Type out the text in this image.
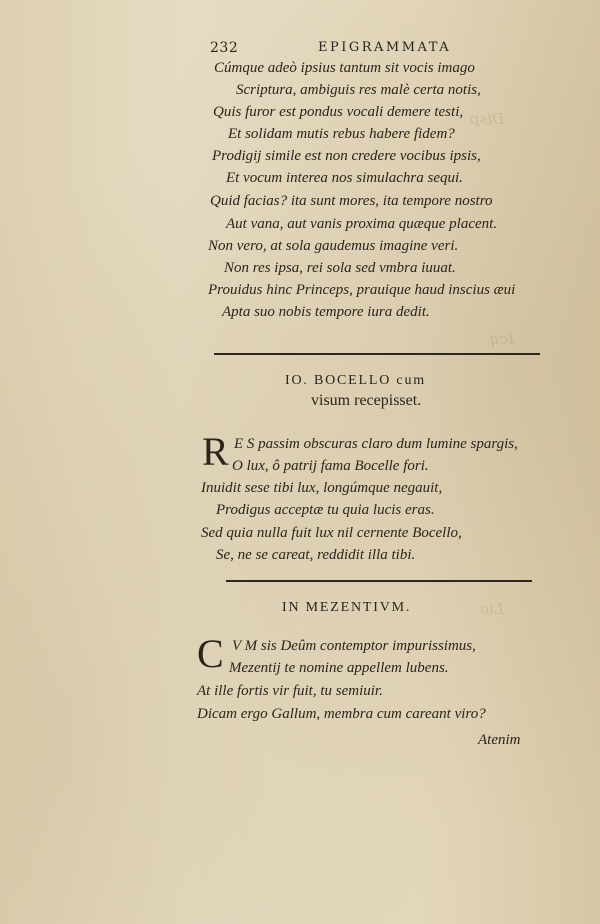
Disp
Icq
Lio
232	EPIGRAMMATA
Cúmque adeò ipsius tantum sit vocis imago
Scriptura, ambiguis res malè certa notis,
Quis furor est pondus vocali demere testi,
Et solidam mutis rebus habere fidem?
Prodigij simile est non credere vocibus ipsis,
Et vocum interea nos simulachra sequi.
Quid facias? ita sunt mores, ita tempore nostro
Aut vana, aut vanis proxima quæque placent.
Non vero, at sola gaudemus imagine veri.
Non res ipsa, rei sola sed vmbra iuuat.
Prouidus hinc Princeps, prauique haud inscius æui
Apta suo nobis tempore iura dedit.
IO. BOCELLO cum
visum recepisset.
R E S passim obscuras claro dum lumine spargis,
O lux, ô patrij fama Bocelle fori.
Inuidit sese tibi lux, longúmque negauit,
Prodigus acceptæ tu quia lucis eras.
Sed quia nulla fuit lux nil cernente Bocello,
Se, ne se careat, reddidit illa tibi.
IN MEZENTIVM.
C V M sis Deûm contemptor impurissimus,
Mezentij te nomine appellem lubens.
At ille fortis vir fuit, tu semiuir.
Dicam ergo Gallum, membra cum careant viro?
Atenim
